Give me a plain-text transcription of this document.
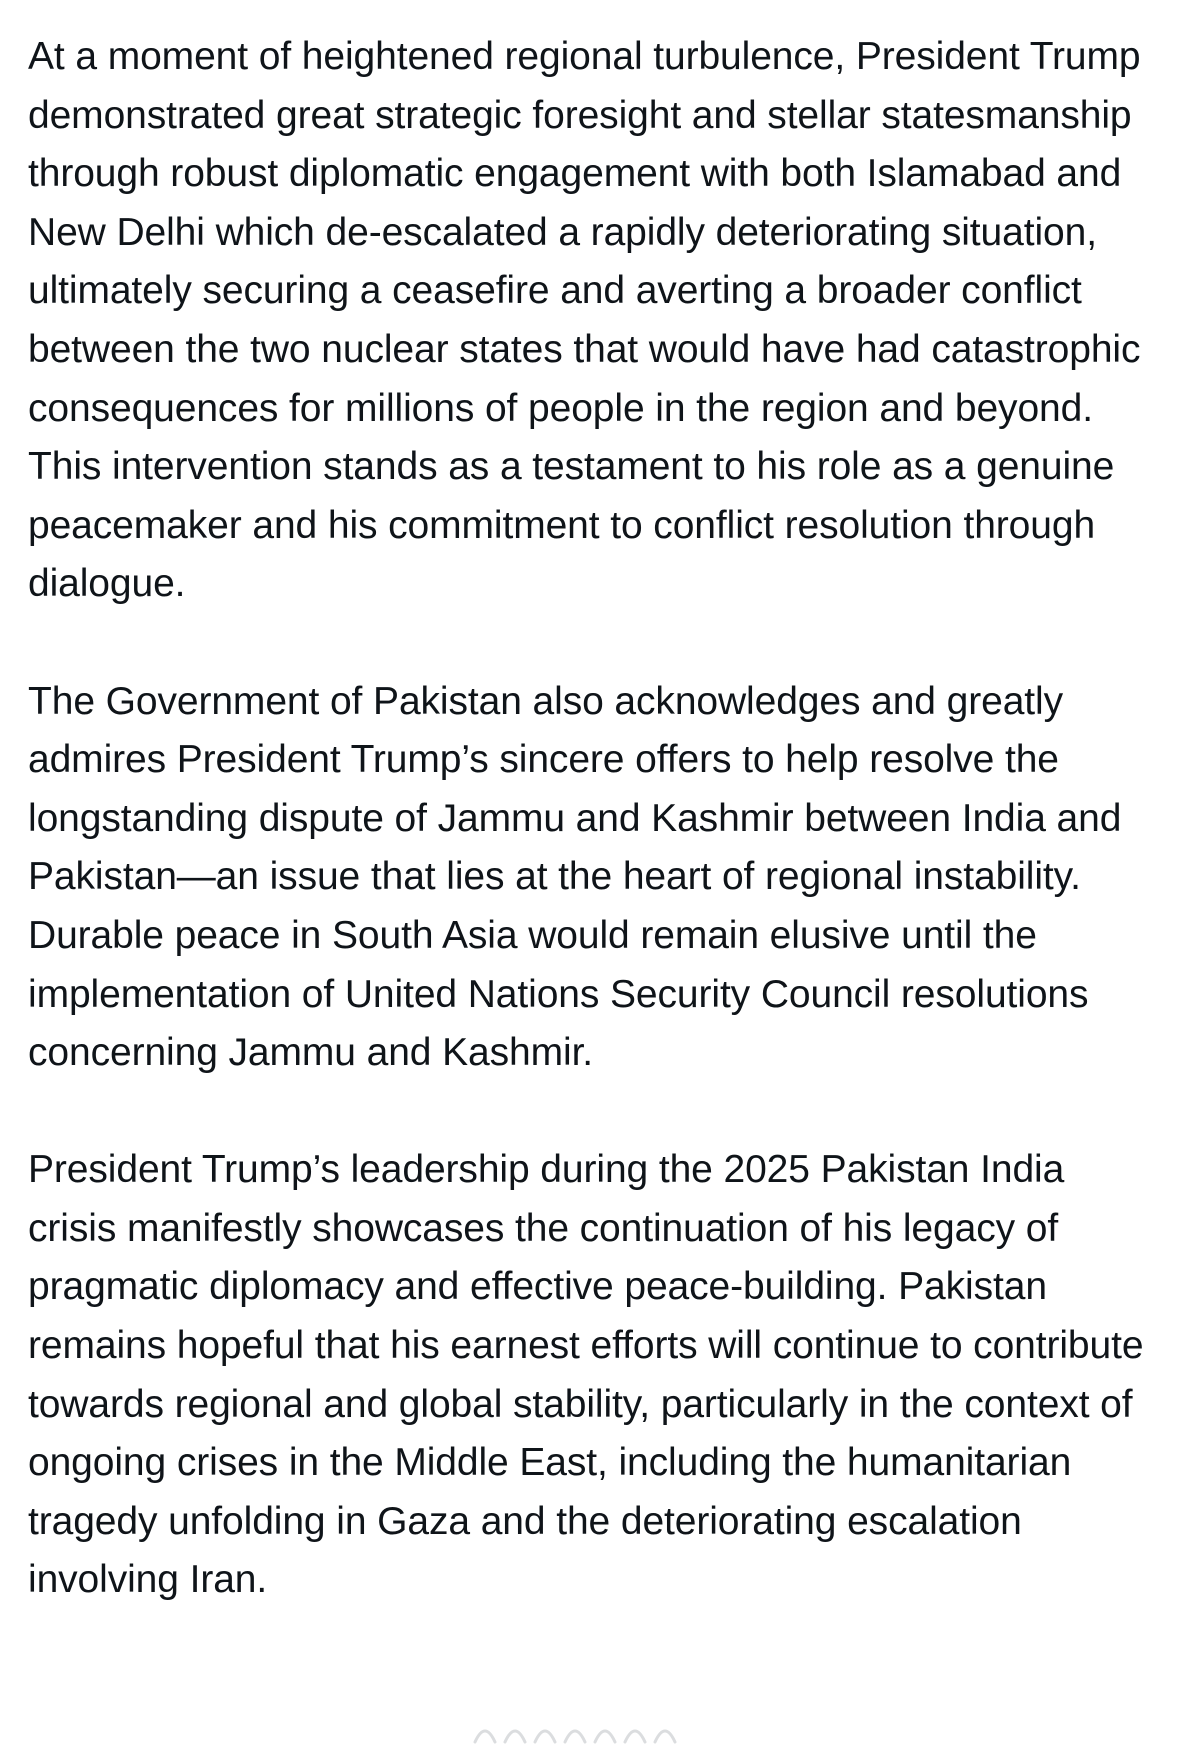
At a moment of heightened regional turbulence, President Trump demonstrated great strategic foresight and stellar statesmanship through robust diplomatic engagement with both Islamabad and New Delhi which de-escalated a rapidly deteriorating situation, ultimately securing a ceasefire and averting a broader conflict between the two nuclear states that would have had catastrophic consequences for millions of people in the region and beyond. This intervention stands as a testament to his role as a genuine peacemaker and his commitment to conflict resolution through dialogue.

The Government of Pakistan also acknowledges and greatly admires President Trump’s sincere offers to help resolve the longstanding dispute of Jammu and Kashmir between India and Pakistan—an issue that lies at the heart of regional instability. Durable peace in South Asia would remain elusive until the implementation of United Nations Security Council resolutions concerning Jammu and Kashmir.

President Trump’s leadership during the 2025 Pakistan India crisis manifestly showcases the continuation of his legacy of pragmatic diplomacy and effective peace-building. Pakistan remains hopeful that his earnest efforts will continue to contribute towards regional and global stability, particularly in the context of ongoing crises in the Middle East, including the humanitarian tragedy unfolding in Gaza and the deteriorating escalation involving Iran.
